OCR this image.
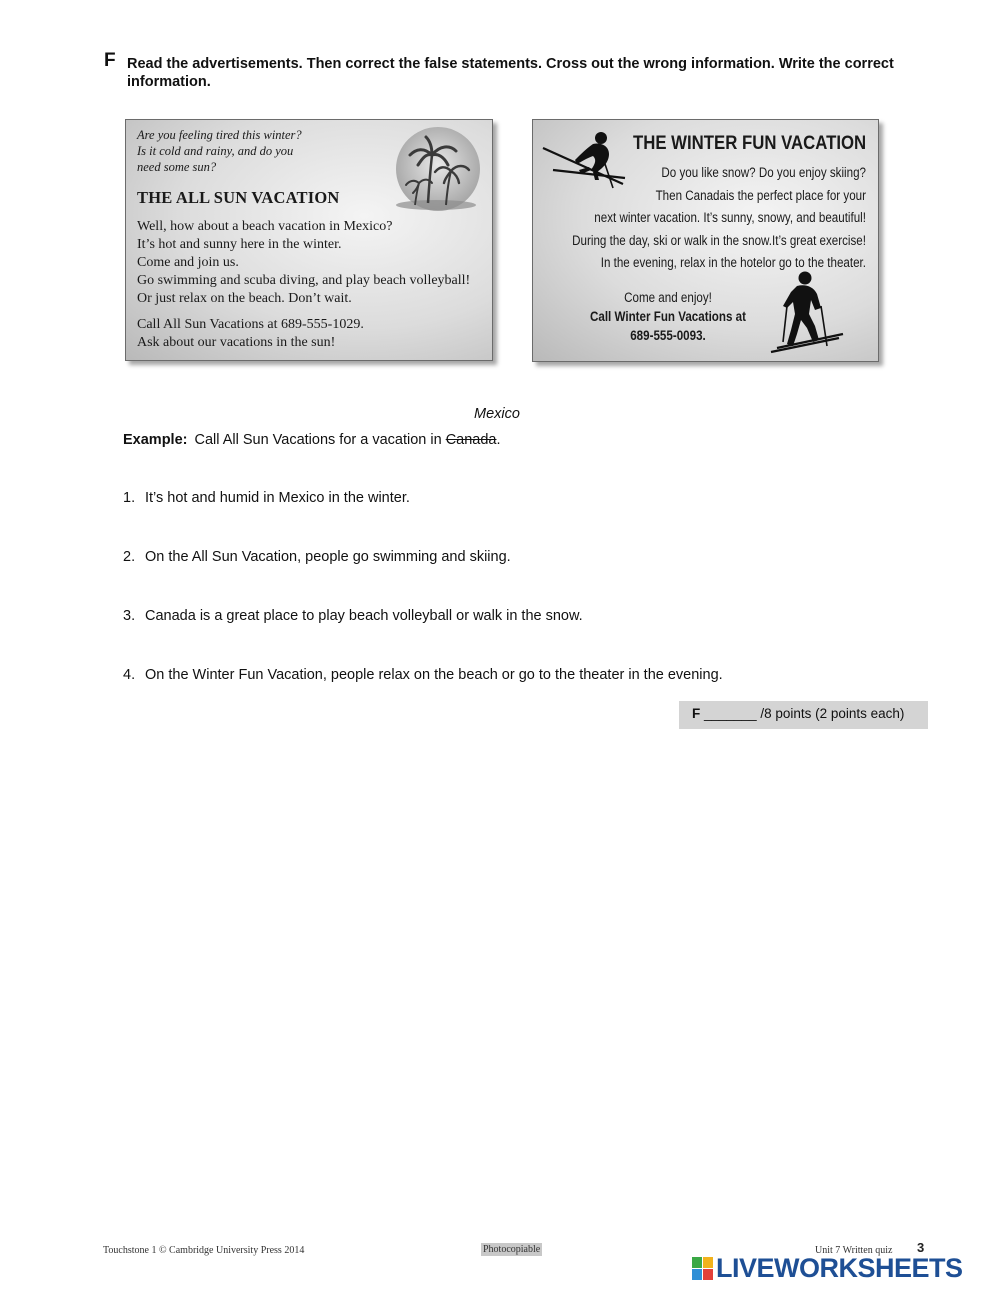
F Read the advertisements. Then correct the false statements. Cross out the wrong information. Write the correct information.
Are you feeling tired this winter?
Is it cold and rainy, and do you
need some sun?
THE ALL SUN VACATION
Well, how about a beach vacation in Mexico?
It’s hot and sunny here in the winter.
Come and join us.
Go swimming and scuba diving, and play beach volleyball!
Or just relax on the beach. Don’t wait.
Call All Sun Vacations at 689-555-1029.
Ask about our vacations in the sun!
THE WINTER FUN VACATION
Do you like snow? Do you enjoy skiing?
Then Canadais the perfect place for your
next winter vacation. It’s sunny, snowy, and beautiful!
During the day, ski or walk in the snow.It’s great exercise!
In the evening, relax in the hotelor go to the theater.
Come and enjoy!
Call Winter Fun Vacations at
689-555-0093.
Mexico
Example: Call All Sun Vacations for a vacation in Canada.
1. It’s hot and humid in Mexico in the winter.
2. On the All Sun Vacation, people go swimming and skiing.
3. Canada is a great place to play beach volleyball or walk in the snow.
4. On the Winter Fun Vacation, people relax on the beach or go to the theater in the evening.
F _______ /8 points (2 points each)
Touchstone 1 © Cambridge University Press 2014	Photocopiable	Unit 7 Written quiz 3
LIVEWORKSHEETS
